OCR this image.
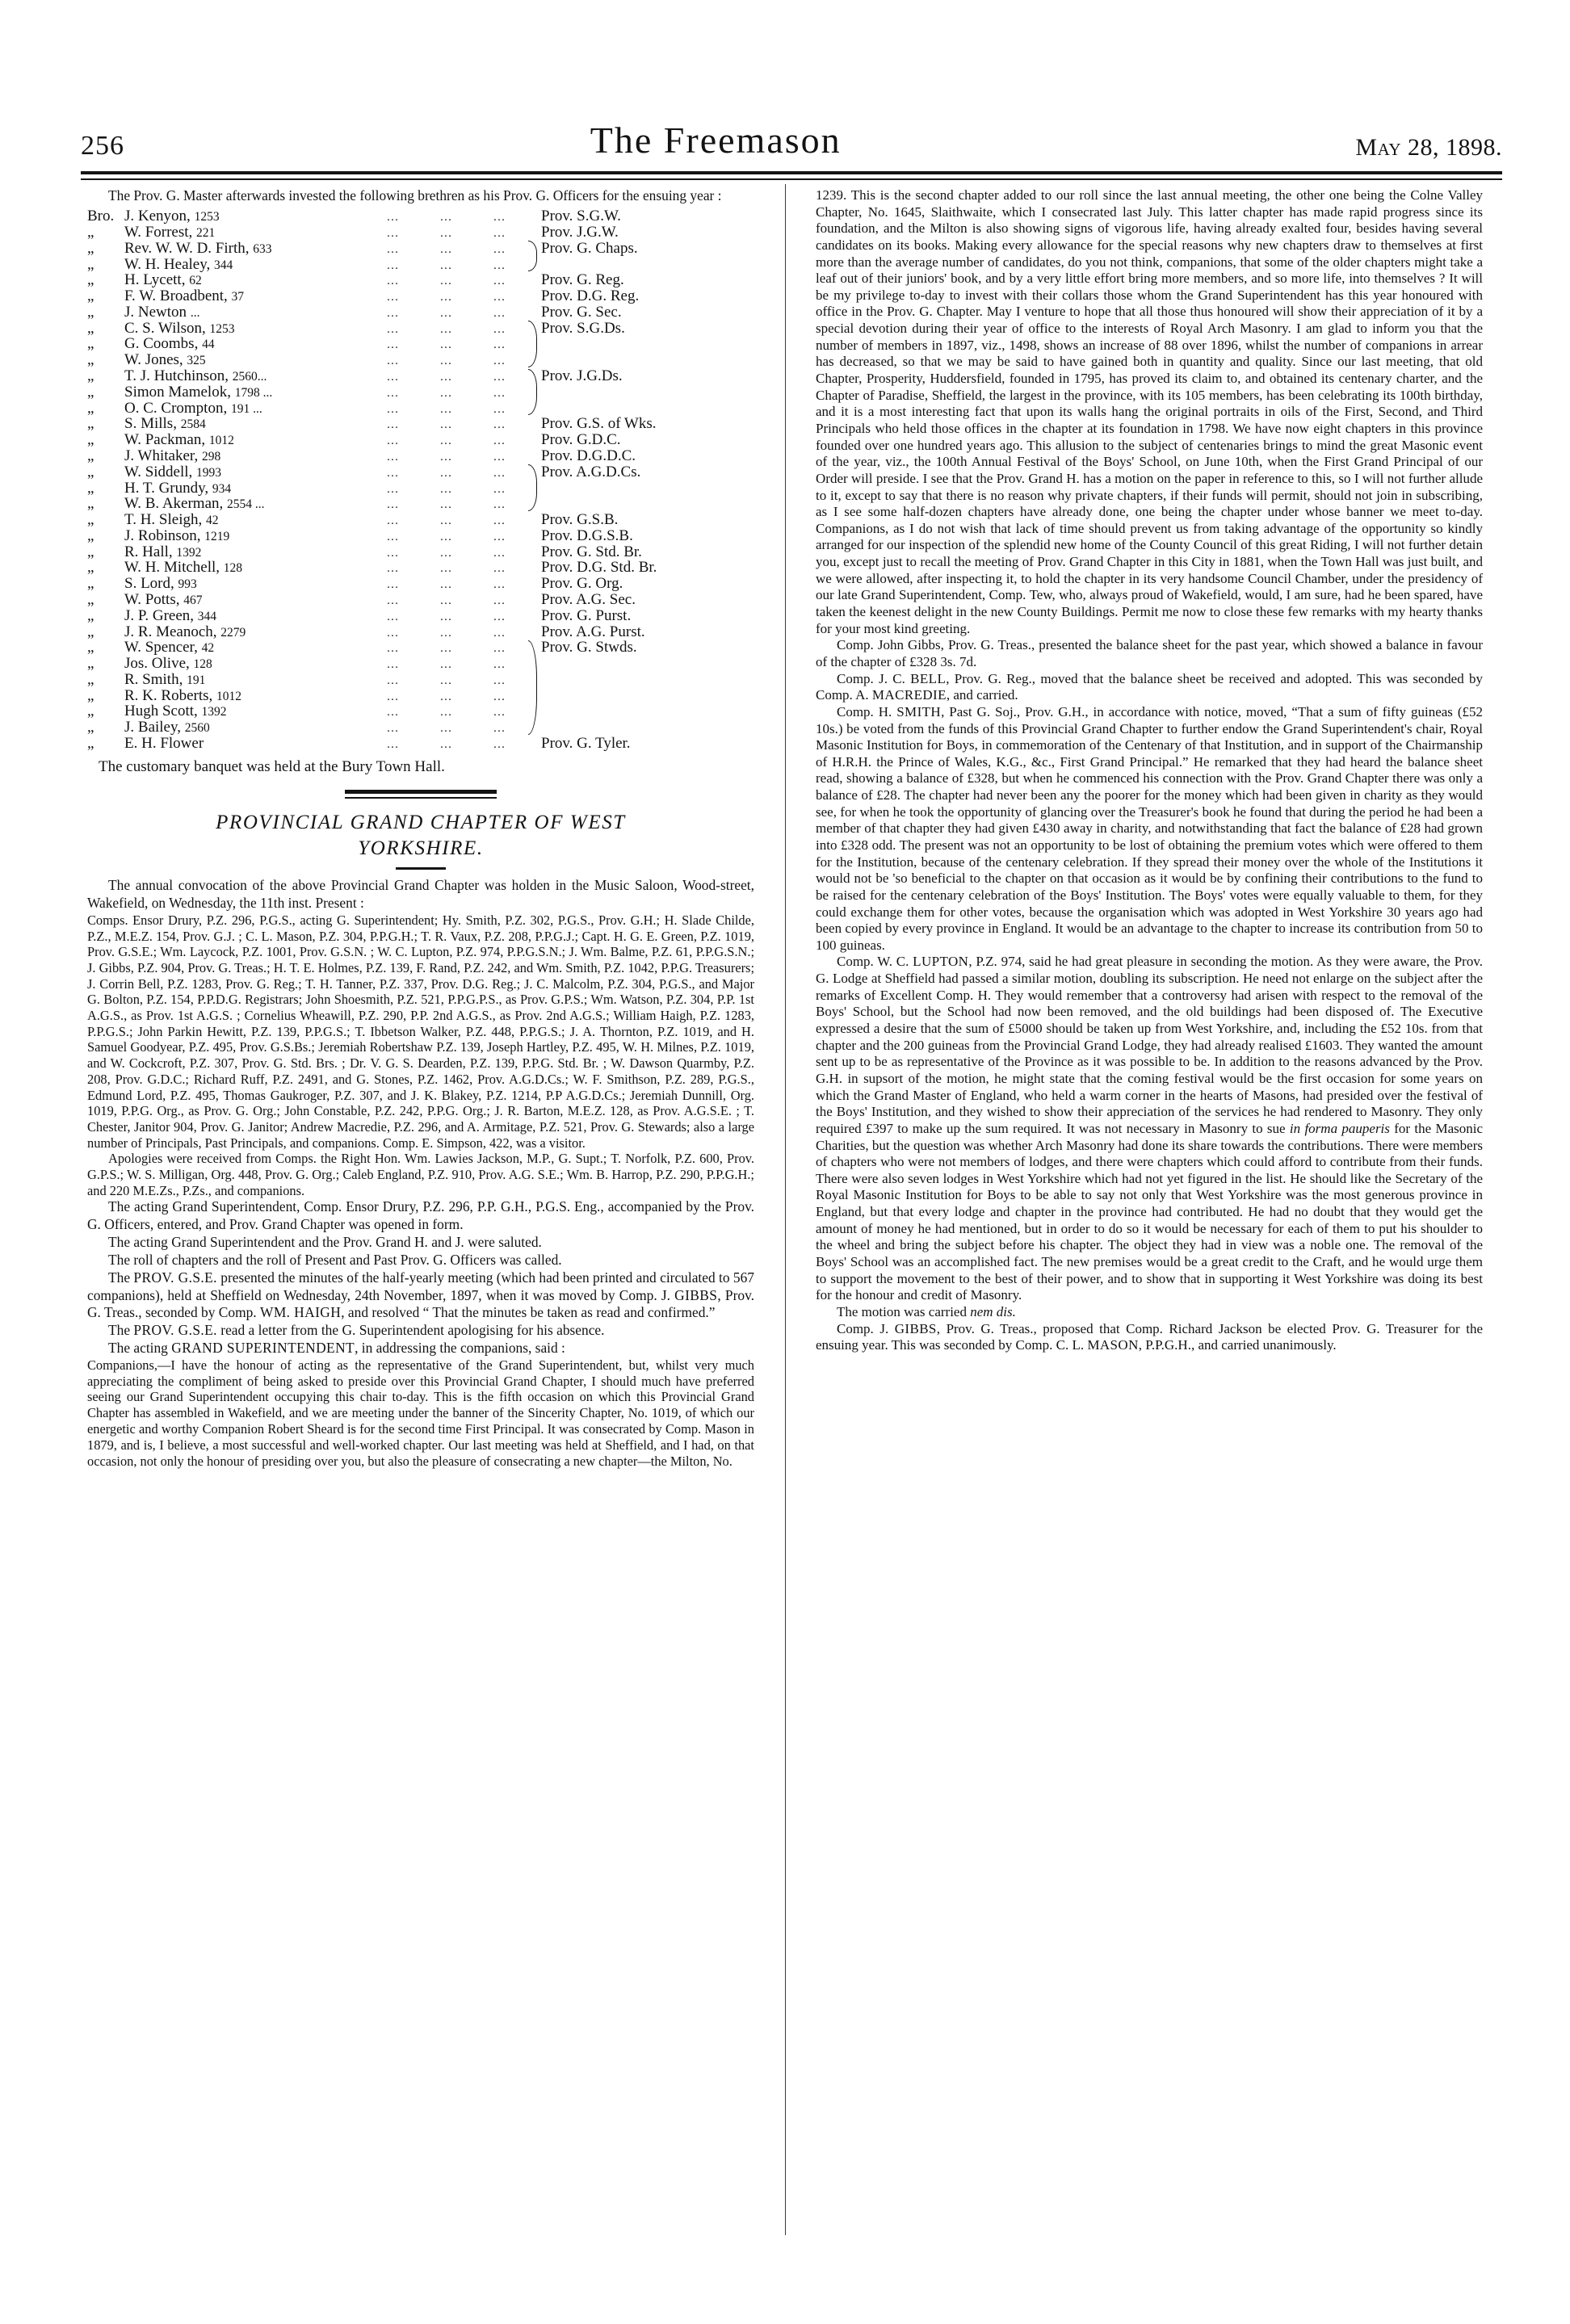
256	The Freemason	May 28, 1898.

The Prov. G. Master afterwards invested the following brethren as his Prov. G. Officers for the ensuing year :

Bro.	J. Kenyon, 1253	…	…	…		Prov. S.G.W.
„	W. Forrest, 221	…	…	…		Prov. J.G.W.
„	Rev. W. W. D. Firth, 633	…	…	…		Prov. G. Chaps.
„	W. H. Healey, 344	…	…	…		
„	H. Lycett, 62	…	…	…		Prov. G. Reg.
„	F. W. Broadbent, 37	…	…	…		Prov. D.G. Reg.
„	J. Newton ...	…	…	…		Prov. G. Sec.
„	C. S. Wilson, 1253	…	…	…		Prov. S.G.Ds.
„	G. Coombs, 44	…	…	…		
„	W. Jones, 325	…	…	…		
„	T. J. Hutchinson, 2560...	…	…	…		Prov. J.G.Ds.
„	Simon Mamelok, 1798 ...	…	…	…		
„	O. C. Crompton, 191 ...	…	…	…		
„	S. Mills, 2584	…	…	…		Prov. G.S. of Wks.
„	W. Packman, 1012	…	…	…		Prov. G.D.C.
„	J. Whitaker, 298	…	…	…		Prov. D.G.D.C.
„	W. Siddell, 1993	…	…	…		Prov. A.G.D.Cs.
„	H. T. Grundy, 934	…	…	…		
„	W. B. Akerman, 2554 ...	…	…	…		
„	T. H. Sleigh, 42	…	…	…		Prov. G.S.B.
„	J. Robinson, 1219	…	…	…		Prov. D.G.S.B.
„	R. Hall, 1392	…	…	…		Prov. G. Std. Br.
„	W. H. Mitchell, 128	…	…	…		Prov. D.G. Std. Br.
„	S. Lord, 993	…	…	…		Prov. G. Org.
„	W. Potts, 467	…	…	…		Prov. A.G. Sec.
„	J. P. Green, 344	…	…	…		Prov. G. Purst.
„	J. R. Meanoch, 2279	…	…	…		Prov. A.G. Purst.
„	W. Spencer, 42	…	…	…		Prov. G. Stwds.
„	Jos. Olive, 128	…	…	…		
„	R. Smith, 191	…	…	…		
„	R. K. Roberts, 1012	…	…	…		
„	Hugh Scott, 1392	…	…	…		
„	J. Bailey, 2560	…	…	…		
„	E. H. Flower	…	…	…		Prov. G. Tyler.

The customary banquet was held at the Bury Town Hall.

PROVINCIAL GRAND CHAPTER OF WEST
YORKSHIRE.

The annual convocation of the above Provincial Grand Chapter was holden in the Music Saloon, Wood-street, Wakefield, on Wednesday, the 11th inst. Present :

Comps. Ensor Drury, P.Z. 296, P.G.S., acting G. Superintendent; Hy. Smith, P.Z. 302, P.G.S., Prov. G.H.; H. Slade Childe, P.Z., M.E.Z. 154, Prov. G.J. ; C. L. Mason, P.Z. 304, P.P.G.H.; T. R. Vaux, P.Z. 208, P.P.G.J.; Capt. H. G. E. Green, P.Z. 1019, Prov. G.S.E.; Wm. Laycock, P.Z. 1001, Prov. G.S.N. ; W. C. Lupton, P.Z. 974, P.P.G.S.N.; J. Wm. Balme, P.Z. 61, P.P.G.S.N.; J. Gibbs, P.Z. 904, Prov. G. Treas.; H. T. E. Holmes, P.Z. 139, F. Rand, P.Z. 242, and Wm. Smith, P.Z. 1042, P.P.G. Treasurers; J. Corrin Bell, P.Z. 1283, Prov. G. Reg.; T. H. Tanner, P.Z. 337, Prov. D.G. Reg.; J. C. Malcolm, P.Z. 304, P.G.S., and Major G. Bolton, P.Z. 154, P.P.D.G. Registrars; John Shoesmith, P.Z. 521, P.P.G.P.S., as Prov. G.P.S.; Wm. Watson, P.Z. 304, P.P. 1st A.G.S., as Prov. 1st A.G.S. ; Cornelius Wheawill, P.Z. 290, P.P. 2nd A.G.S., as Prov. 2nd A.G.S.; William Haigh, P.Z. 1283, P.P.G.S.; John Parkin Hewitt, P.Z. 139, P.P.G.S.; T. Ibbetson Walker, P.Z. 448, P.P.G.S.; J. A. Thornton, P.Z. 1019, and H. Samuel Goodyear, P.Z. 495, Prov. G.S.Bs.; Jeremiah Robertshaw P.Z. 139, Joseph Hartley, P.Z. 495, W. H. Milnes, P.Z. 1019, and W. Cockcroft, P.Z. 307, Prov. G. Std. Brs. ; Dr. V. G. S. Dearden, P.Z. 139, P.P.G. Std. Br. ; W. Dawson Quarmby, P.Z. 208, Prov. G.D.C.; Richard Ruff, P.Z. 2491, and G. Stones, P.Z. 1462, Prov. A.G.D.Cs.; W. F. Smithson, P.Z. 289, P.G.S., Edmund Lord, P.Z. 495, Thomas Gaukroger, P.Z. 307, and J. K. Blakey, P.Z. 1214, P.P A.G.D.Cs.; Jeremiah Dunnill, Org. 1019, P.P.G. Org., as Prov. G. Org.; John Constable, P.Z. 242, P.P.G. Org.; J. R. Barton, M.E.Z. 128, as Prov. A.G.S.E. ; T. Chester, Janitor 904, Prov. G. Janitor; Andrew Macredie, P.Z. 296, and A. Armitage, P.Z. 521, Prov. G. Stewards; also a large number of Principals, Past Principals, and companions. Comp. E. Simpson, 422, was a visitor.

Apologies were received from Comps. the Right Hon. Wm. Lawies Jackson, M.P., G. Supt.; T. Norfolk, P.Z. 600, Prov. G.P.S.; W. S. Milligan, Org. 448, Prov. G. Org.; Caleb England, P.Z. 910, Prov. A.G. S.E.; Wm. B. Harrop, P.Z. 290, P.P.G.H.; and 220 M.E.Zs., P.Zs., and companions.

The acting Grand Superintendent, Comp. Ensor Drury, P.Z. 296, P.P. G.H., P.G.S. Eng., accompanied by the Prov. G. Officers, entered, and Prov. Grand Chapter was opened in form.

The acting Grand Superintendent and the Prov. Grand H. and J. were saluted.

The roll of chapters and the roll of Present and Past Prov. G. Officers was called.

The PROV. G.S.E. presented the minutes of the half-yearly meeting (which had been printed and circulated to 567 companions), held at Sheffield on Wednesday, 24th November, 1897, when it was moved by Comp. J. GIBBS, Prov. G. Treas., seconded by Comp. WM. HAIGH, and resolved “ That the minutes be taken as read and confirmed.”

The PROV. G.S.E. read a letter from the G. Superintendent apologising for his absence.

The acting GRAND SUPERINTENDENT, in addressing the companions, said :

Companions,—I have the honour of acting as the representative of the Grand Superintendent, but, whilst very much appreciating the compliment of being asked to preside over this Provincial Grand Chapter, I should much have preferred seeing our Grand Superintendent occupying this chair to-day. This is the fifth occasion on which this Provincial Grand Chapter has assembled in Wakefield, and we are meeting under the banner of the Sincerity Chapter, No. 1019, of which our energetic and worthy Companion Robert Sheard is for the second time First Principal. It was consecrated by Comp. Mason in 1879, and is, I believe, a most successful and well-worked chapter. Our last meeting was held at Sheffield, and I had, on that occasion, not only the honour of presiding over you, but also the pleasure of consecrating a new chapter—the Milton, No.

1239. This is the second chapter added to our roll since the last annual meeting, the other one being the Colne Valley Chapter, No. 1645, Slaithwaite, which I consecrated last July. This latter chapter has made rapid progress since its foundation, and the Milton is also showing signs of vigorous life, having already exalted four, besides having several candidates on its books. Making every allowance for the special reasons why new chapters draw to themselves at first more than the average number of candidates, do you not think, companions, that some of the older chapters might take a leaf out of their juniors' book, and by a very little effort bring more members, and so more life, into themselves ? It will be my privilege to-day to invest with their collars those whom the Grand Superintendent has this year honoured with office in the Prov. G. Chapter. May I venture to hope that all those thus honoured will show their appreciation of it by a special devotion during their year of office to the interests of Royal Arch Masonry. I am glad to inform you that the number of members in 1897, viz., 1498, shows an increase of 88 over 1896, whilst the number of companions in arrear has decreased, so that we may be said to have gained both in quantity and quality. Since our last meeting, that old Chapter, Prosperity, Huddersfield, founded in 1795, has proved its claim to, and obtained its centenary charter, and the Chapter of Paradise, Sheffield, the largest in the province, with its 105 members, has been celebrating its 100th birthday, and it is a most interesting fact that upon its walls hang the original portraits in oils of the First, Second, and Third Principals who held those offices in the chapter at its foundation in 1798. We have now eight chapters in this province founded over one hundred years ago. This allusion to the subject of centenaries brings to mind the great Masonic event of the year, viz., the 100th Annual Festival of the Boys' School, on June 10th, when the First Grand Principal of our Order will preside. I see that the Prov. Grand H. has a motion on the paper in reference to this, so I will not further allude to it, except to say that there is no reason why private chapters, if their funds will permit, should not join in subscribing, as I see some half-dozen chapters have already done, one being the chapter under whose banner we meet to-day. Companions, as I do not wish that lack of time should prevent us from taking advantage of the opportunity so kindly arranged for our inspection of the splendid new home of the County Council of this great Riding, I will not further detain you, except just to recall the meeting of Prov. Grand Chapter in this City in 1881, when the Town Hall was just built, and we were allowed, after inspecting it, to hold the chapter in its very handsome Council Chamber, under the presidency of our late Grand Superintendent, Comp. Tew, who, always proud of Wakefield, would, I am sure, had he been spared, have taken the keenest delight in the new County Buildings. Permit me now to close these few remarks with my hearty thanks for your most kind greeting.

Comp. John Gibbs, Prov. G. Treas., presented the balance sheet for the past year, which showed a balance in favour of the chapter of £328 3s. 7d.

Comp. J. C. BELL, Prov. G. Reg., moved that the balance sheet be received and adopted. This was seconded by Comp. A. MACREDIE, and carried.

Comp. H. SMITH, Past G. Soj., Prov. G.H., in accordance with notice, moved, “That a sum of fifty guineas (£52 10s.) be voted from the funds of this Provincial Grand Chapter to further endow the Grand Superintendent's chair, Royal Masonic Institution for Boys, in commemoration of the Centenary of that Institution, and in support of the Chairmanship of H.R.H. the Prince of Wales, K.G., &c., First Grand Principal.” He remarked that they had heard the balance sheet read, showing a balance of £328, but when he commenced his connection with the Prov. Grand Chapter there was only a balance of £28. The chapter had never been any the poorer for the money which had been given in charity as they would see, for when he took the opportunity of glancing over the Treasurer's book he found that during the period he had been a member of that chapter they had given £430 away in charity, and notwithstanding that fact the balance of £28 had grown into £328 odd. The present was not an opportunity to be lost of obtaining the premium votes which were offered to them for the Institution, because of the centenary celebration. If they spread their money over the whole of the Institutions it would not be 'so beneficial to the chapter on that occasion as it would be by confining their contributions to the fund to be raised for the centenary celebration of the Boys' Institution. The Boys' votes were equally valuable to them, for they could exchange them for other votes, because the organisation which was adopted in West Yorkshire 30 years ago had been copied by every province in England. It would be an advantage to the chapter to increase its contribution from 50 to 100 guineas.

Comp. W. C. LUPTON, P.Z. 974, said he had great pleasure in seconding the motion. As they were aware, the Prov. G. Lodge at Sheffield had passed a similar motion, doubling its subscription. He need not enlarge on the subject after the remarks of Excellent Comp. H. They would remember that a controversy had arisen with respect to the removal of the Boys' School, but the School had now been removed, and the old buildings had been disposed of. The Executive expressed a desire that the sum of £5000 should be taken up from West Yorkshire, and, including the £52 10s. from that chapter and the 200 guineas from the Provincial Grand Lodge, they had already realised £1603. They wanted the amount sent up to be as representative of the Province as it was possible to be. In addition to the reasons advanced by the Prov. G.H. in supsort of the motion, he might state that the coming festival would be the first occasion for some years on which the Grand Master of England, who held a warm corner in the hearts of Masons, had presided over the festival of the Boys' Institution, and they wished to show their appreciation of the services he had rendered to Masonry. They only required £397 to make up the sum required. It was not necessary in Masonry to sue in forma pauperis for the Masonic Charities, but the question was whether Arch Masonry had done its share towards the contributions. There were members of chapters who were not members of lodges, and there were chapters which could afford to contribute from their funds. There were also seven lodges in West Yorkshire which had not yet figured in the list. He should like the Secretary of the Royal Masonic Institution for Boys to be able to say not only that West Yorkshire was the most generous province in England, but that every lodge and chapter in the province had contributed. He had no doubt that they would get the amount of money he had mentioned, but in order to do so it would be necessary for each of them to put his shoulder to the wheel and bring the subject before his chapter. The object they had in view was a noble one. The removal of the Boys' School was an accomplished fact. The new premises would be a great credit to the Craft, and he would urge them to support the movement to the best of their power, and to show that in supporting it West Yorkshire was doing its best for the honour and credit of Masonry.

The motion was carried nem dis.

Comp. J. GIBBS, Prov. G. Treas., proposed that Comp. Richard Jackson be elected Prov. G. Treasurer for the ensuing year. This was seconded by Comp. C. L. MASON, P.P.G.H., and carried unanimously.
